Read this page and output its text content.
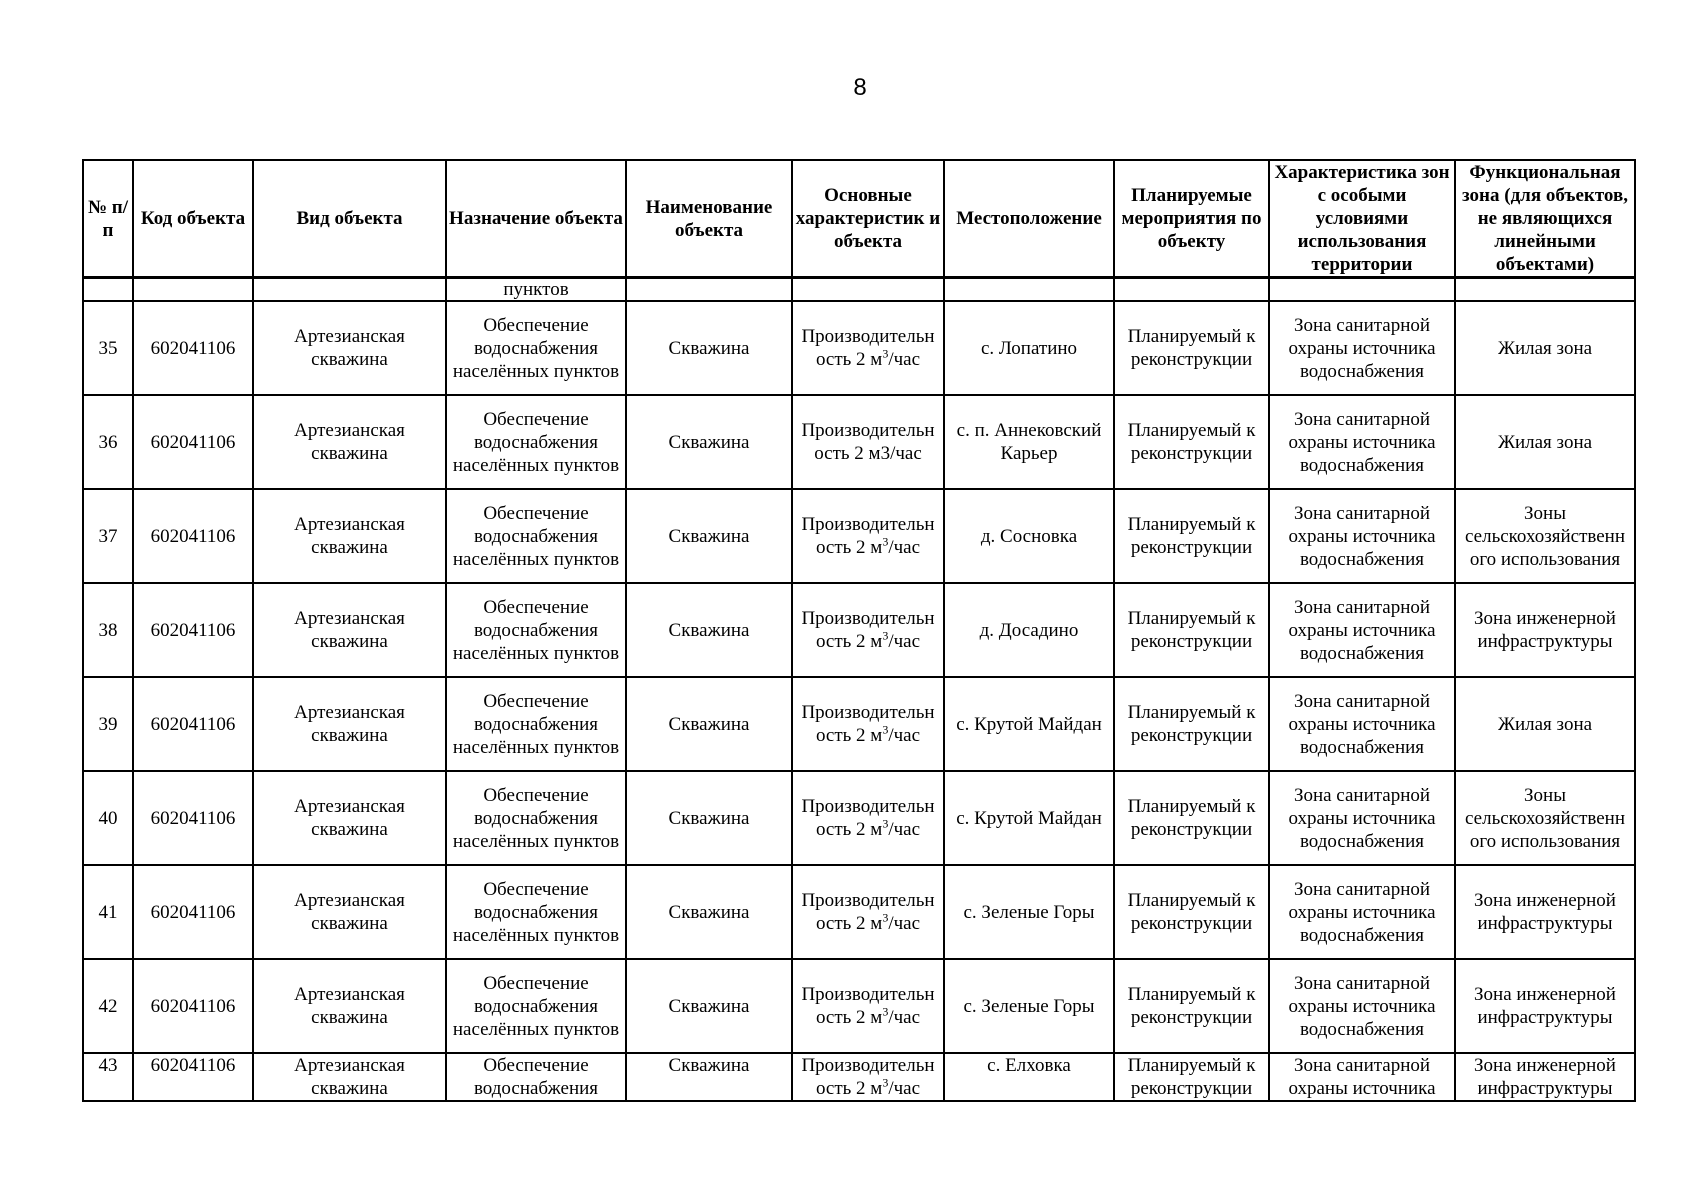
8
№ п/п	Код объекта	Вид объекта	Назначение объекта	Наименование объекта	Основные характеристик и объекта	Местоположение	Планируемые мероприятия по объекту	Характеристика зон с особыми условиями использования территории	Функциональная зона (для объектов, не являющихся линейными объектами)
			пунктов						
35	602041106	Артезианская скважина	Обеспечение водоснабжения населённых пунктов	Скважина	Производительн ость 2 $м^3$/час	с. Лопатино	Планируемый к реконструкции	Зона санитарной охраны источника водоснабжения	Жилая зона
36	602041106	Артезианская скважина	Обеспечение водоснабжения населённых пунктов	Скважина	Производительн ость 2 м3/час	с. п. Аннековский Карьер	Планируемый к реконструкции	Зона санитарной охраны источника водоснабжения	Жилая зона
37	602041106	Артезианская скважина	Обеспечение водоснабжения населённых пунктов	Скважина	Производительн ость 2 $м^3$/час	д. Сосновка	Планируемый к реконструкции	Зона санитарной охраны источника водоснабжения	Зоны сельскохозяйственн ого использования
38	602041106	Артезианская скважина	Обеспечение водоснабжения населённых пунктов	Скважина	Производительн ость 2 $м^3$/час	д. Досадино	Планируемый к реконструкции	Зона санитарной охраны источника водоснабжения	Зона инженерной инфраструктуры
39	602041106	Артезианская скважина	Обеспечение водоснабжения населённых пунктов	Скважина	Производительн ость 2 $м^3$/час	с. Крутой Майдан	Планируемый к реконструкции	Зона санитарной охраны источника водоснабжения	Жилая зона
40	602041106	Артезианская скважина	Обеспечение водоснабжения населённых пунктов	Скважина	Производительн ость 2 $м^3$/час	с. Крутой Майдан	Планируемый к реконструкции	Зона санитарной охраны источника водоснабжения	Зоны сельскохозяйственн ого использования
41	602041106	Артезианская скважина	Обеспечение водоснабжения населённых пунктов	Скважина	Производительн ость 2 $м^3$/час	с. Зеленые Горы	Планируемый к реконструкции	Зона санитарной охраны источника водоснабжения	Зона инженерной инфраструктуры
42	602041106	Артезианская скважина	Обеспечение водоснабжения населённых пунктов	Скважина	Производительн ость 2 $м^3$/час	с. Зеленые Горы	Планируемый к реконструкции	Зона санитарной охраны источника водоснабжения	Зона инженерной инфраструктуры
43	602041106	Артезианская скважина	Обеспечение водоснабжения	Скважина	Производительн ость 2 $м^3$/час	с. Елховка	Планируемый к реконструкции	Зона санитарной охраны источника	Зона инженерной инфраструктуры
